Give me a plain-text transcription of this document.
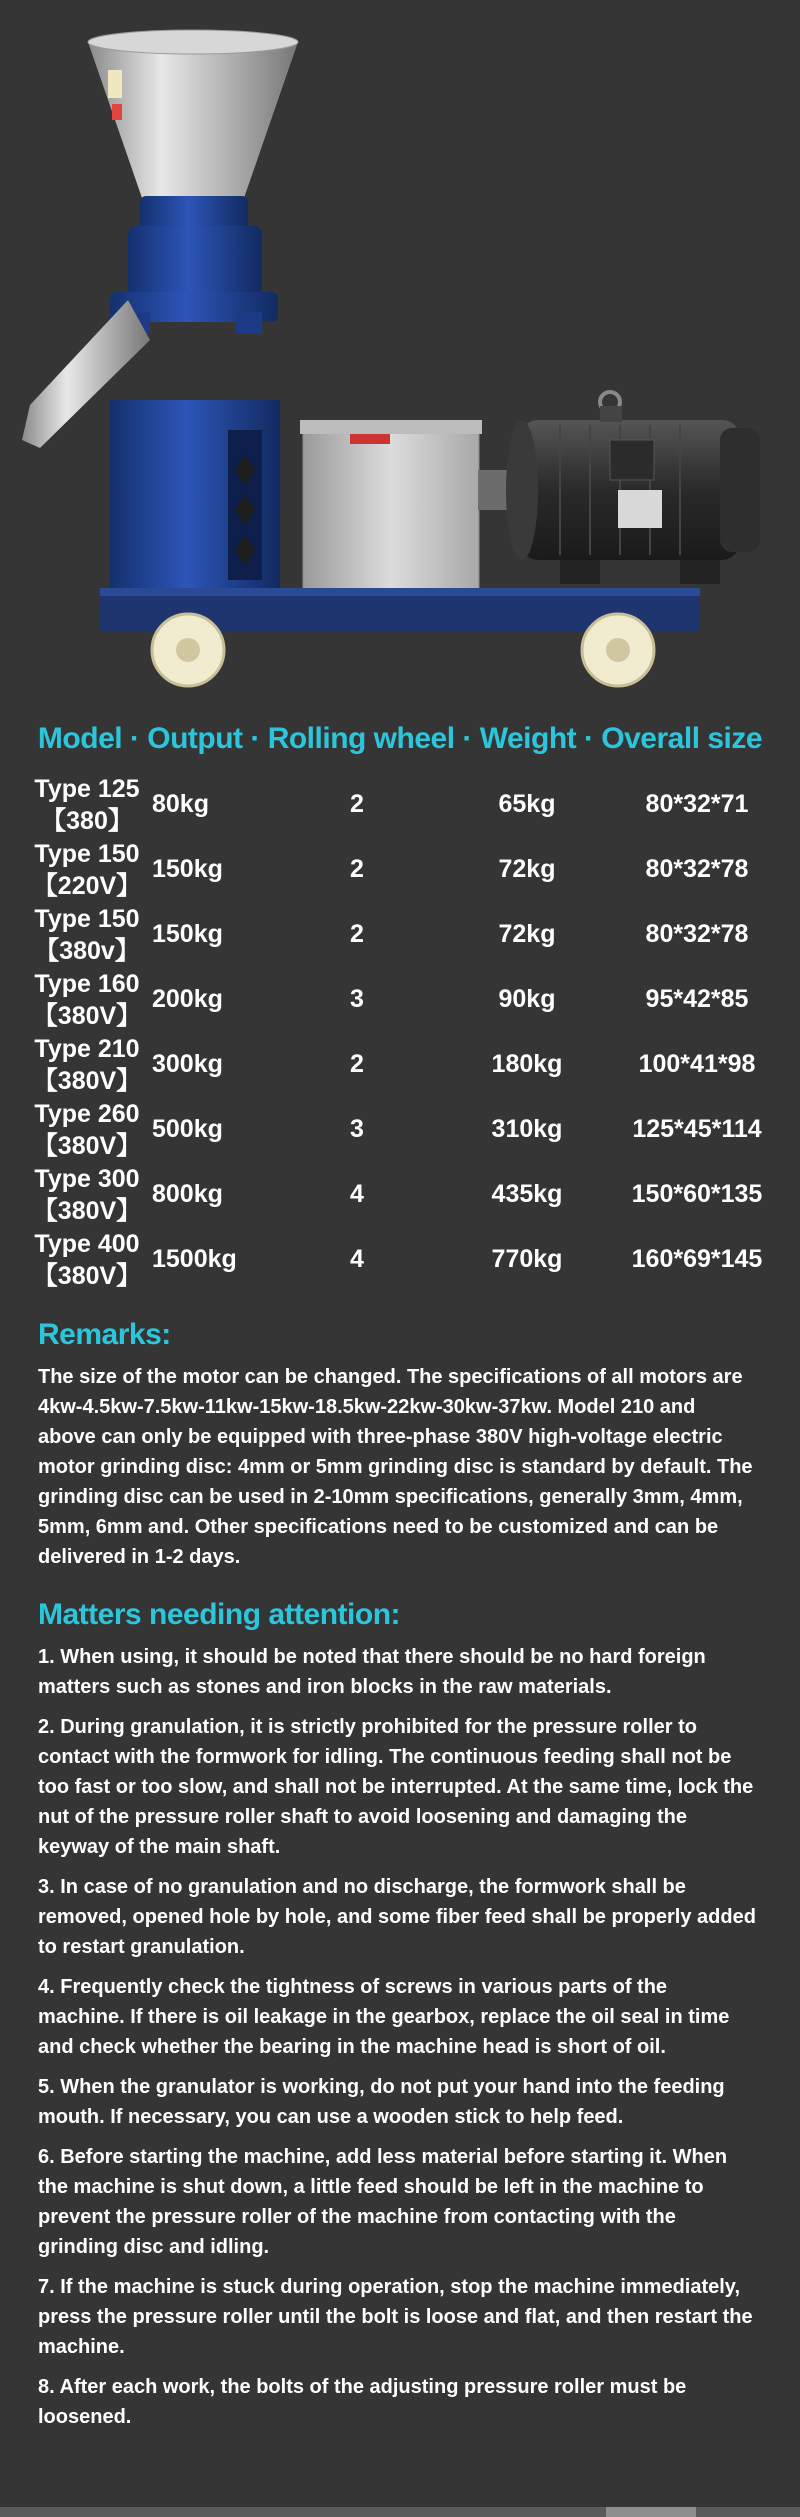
Model · Output · Rolling wheel · Weight · Overall size

Type 125
【380】	80kg	2	65kg	80*32*71

Type 150
【220V】	150kg	2	72kg	80*32*78

Type 150
【380v】	150kg	2	72kg	80*32*78

Type 160
【380V】	200kg	3	90kg	95*42*85

Type 210
【380V】	300kg	2	180kg	100*41*98

Type 260
【380V】	500kg	3	310kg	125*45*114

Type 300
【380V】	800kg	4	435kg	150*60*135

Type 400
【380V】	1500kg	4	770kg	160*69*145
Remarks:

The size of the motor can be changed. The specifications of all motors are 4kw-4.5kw-7.5kw-11kw-15kw-18.5kw-22kw-30kw-37kw. Model 210 and above can only be equipped with three-phase 380V high-voltage electric motor grinding disc: 4mm or 5mm grinding disc is standard by default. The grinding disc can be used in 2-10mm specifications, generally 3mm, 4mm, 5mm, 6mm and. Other specifications need to be customized and can be delivered in 1-2 days.

Matters needing attention:

1. When using, it should be noted that there should be no hard foreign matters such as stones and iron blocks in the raw materials.

2. During granulation, it is strictly prohibited for the pressure roller to contact with the formwork for idling. The continuous feeding shall not be too fast or too slow, and shall not be interrupted. At the same time, lock the nut of the pressure roller shaft to avoid loosening and damaging the keyway of the main shaft.

3. In case of no granulation and no discharge, the formwork shall be removed, opened hole by hole, and some fiber feed shall be properly added to restart granulation.

4. Frequently check the tightness of screws in various parts of the machine. If there is oil leakage in the gearbox, replace the oil seal in time and check whether the bearing in the machine head is short of oil.

5. When the granulator is working, do not put your hand into the feeding mouth. If necessary, you can use a wooden stick to help feed.

6. Before starting the machine, add less material before starting it. When the machine is shut down, a little feed should be left in the machine to prevent the pressure roller of the machine from contacting with the grinding disc and idling.

7. If the machine is stuck during operation, stop the machine immediately, press the pressure roller until the bolt is loose and flat, and then restart the machine.

8. After each work, the bolts of the adjusting pressure roller must be loosened.
